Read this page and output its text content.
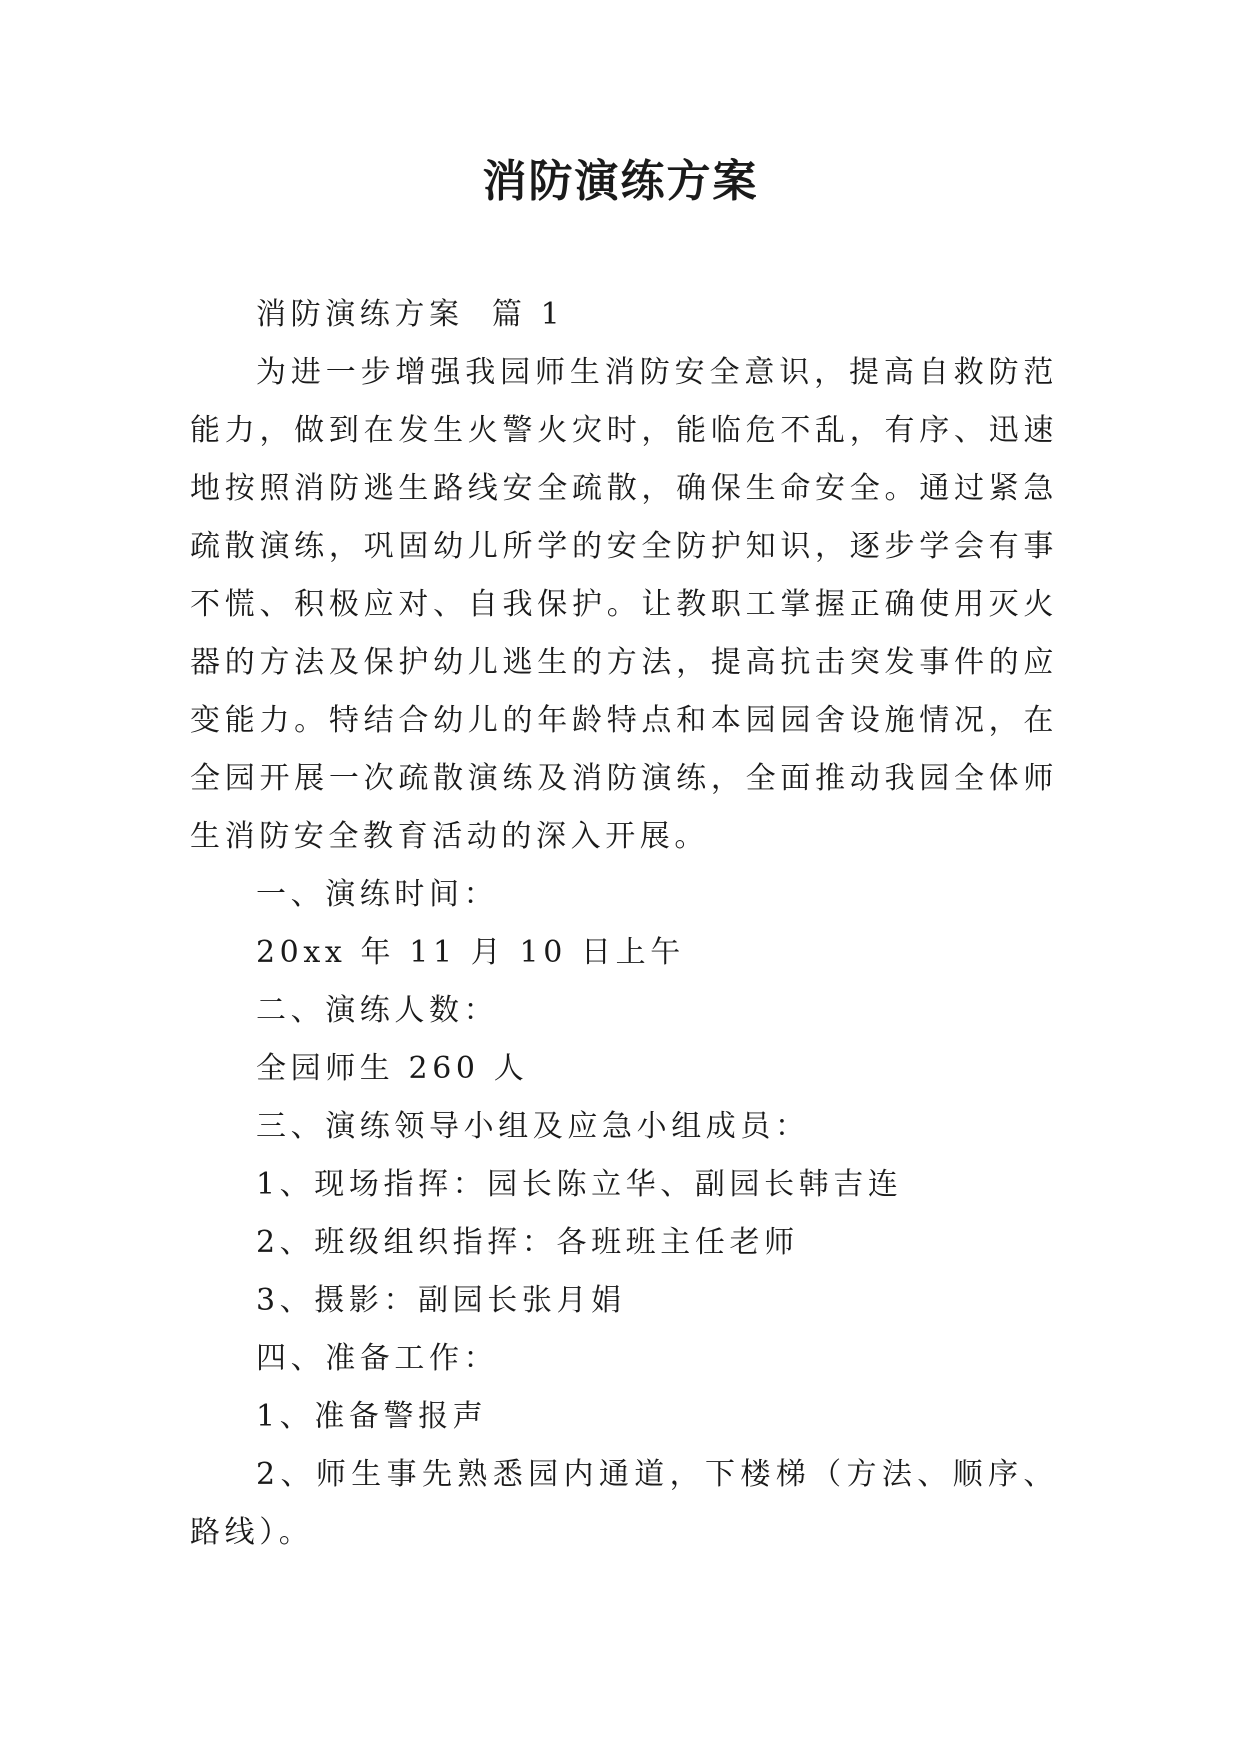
消防演练方案

消防演练方案  篇 1

为进一步增强我园师生消防安全意识，提高自救防范能力，做到在发生火警火灾时，能临危不乱，有序、迅速地按照消防逃生路线安全疏散，确保生命安全。通过紧急疏散演练，巩固幼儿所学的安全防护知识，逐步学会有事不慌、积极应对、自我保护。让教职工掌握正确使用灭火器的方法及保护幼儿逃生的方法，提高抗击突发事件的应变能力。特结合幼儿的年龄特点和本园园舍设施情况，在全园开展一次疏散演练及消防演练，全面推动我园全体师生消防安全教育活动的深入开展。

一、演练时间：

20xx 年 11 月 10 日上午

二、演练人数：

全园师生 260 人

三、演练领导小组及应急小组成员：

1、现场指挥：园长陈立华、副园长韩吉连

2、班级组织指挥：各班班主任老师

3、摄影：副园长张月娟

四、准备工作：

1、准备警报声

2、师生事先熟悉园内通道，下楼梯（方法、顺序、路线）。
